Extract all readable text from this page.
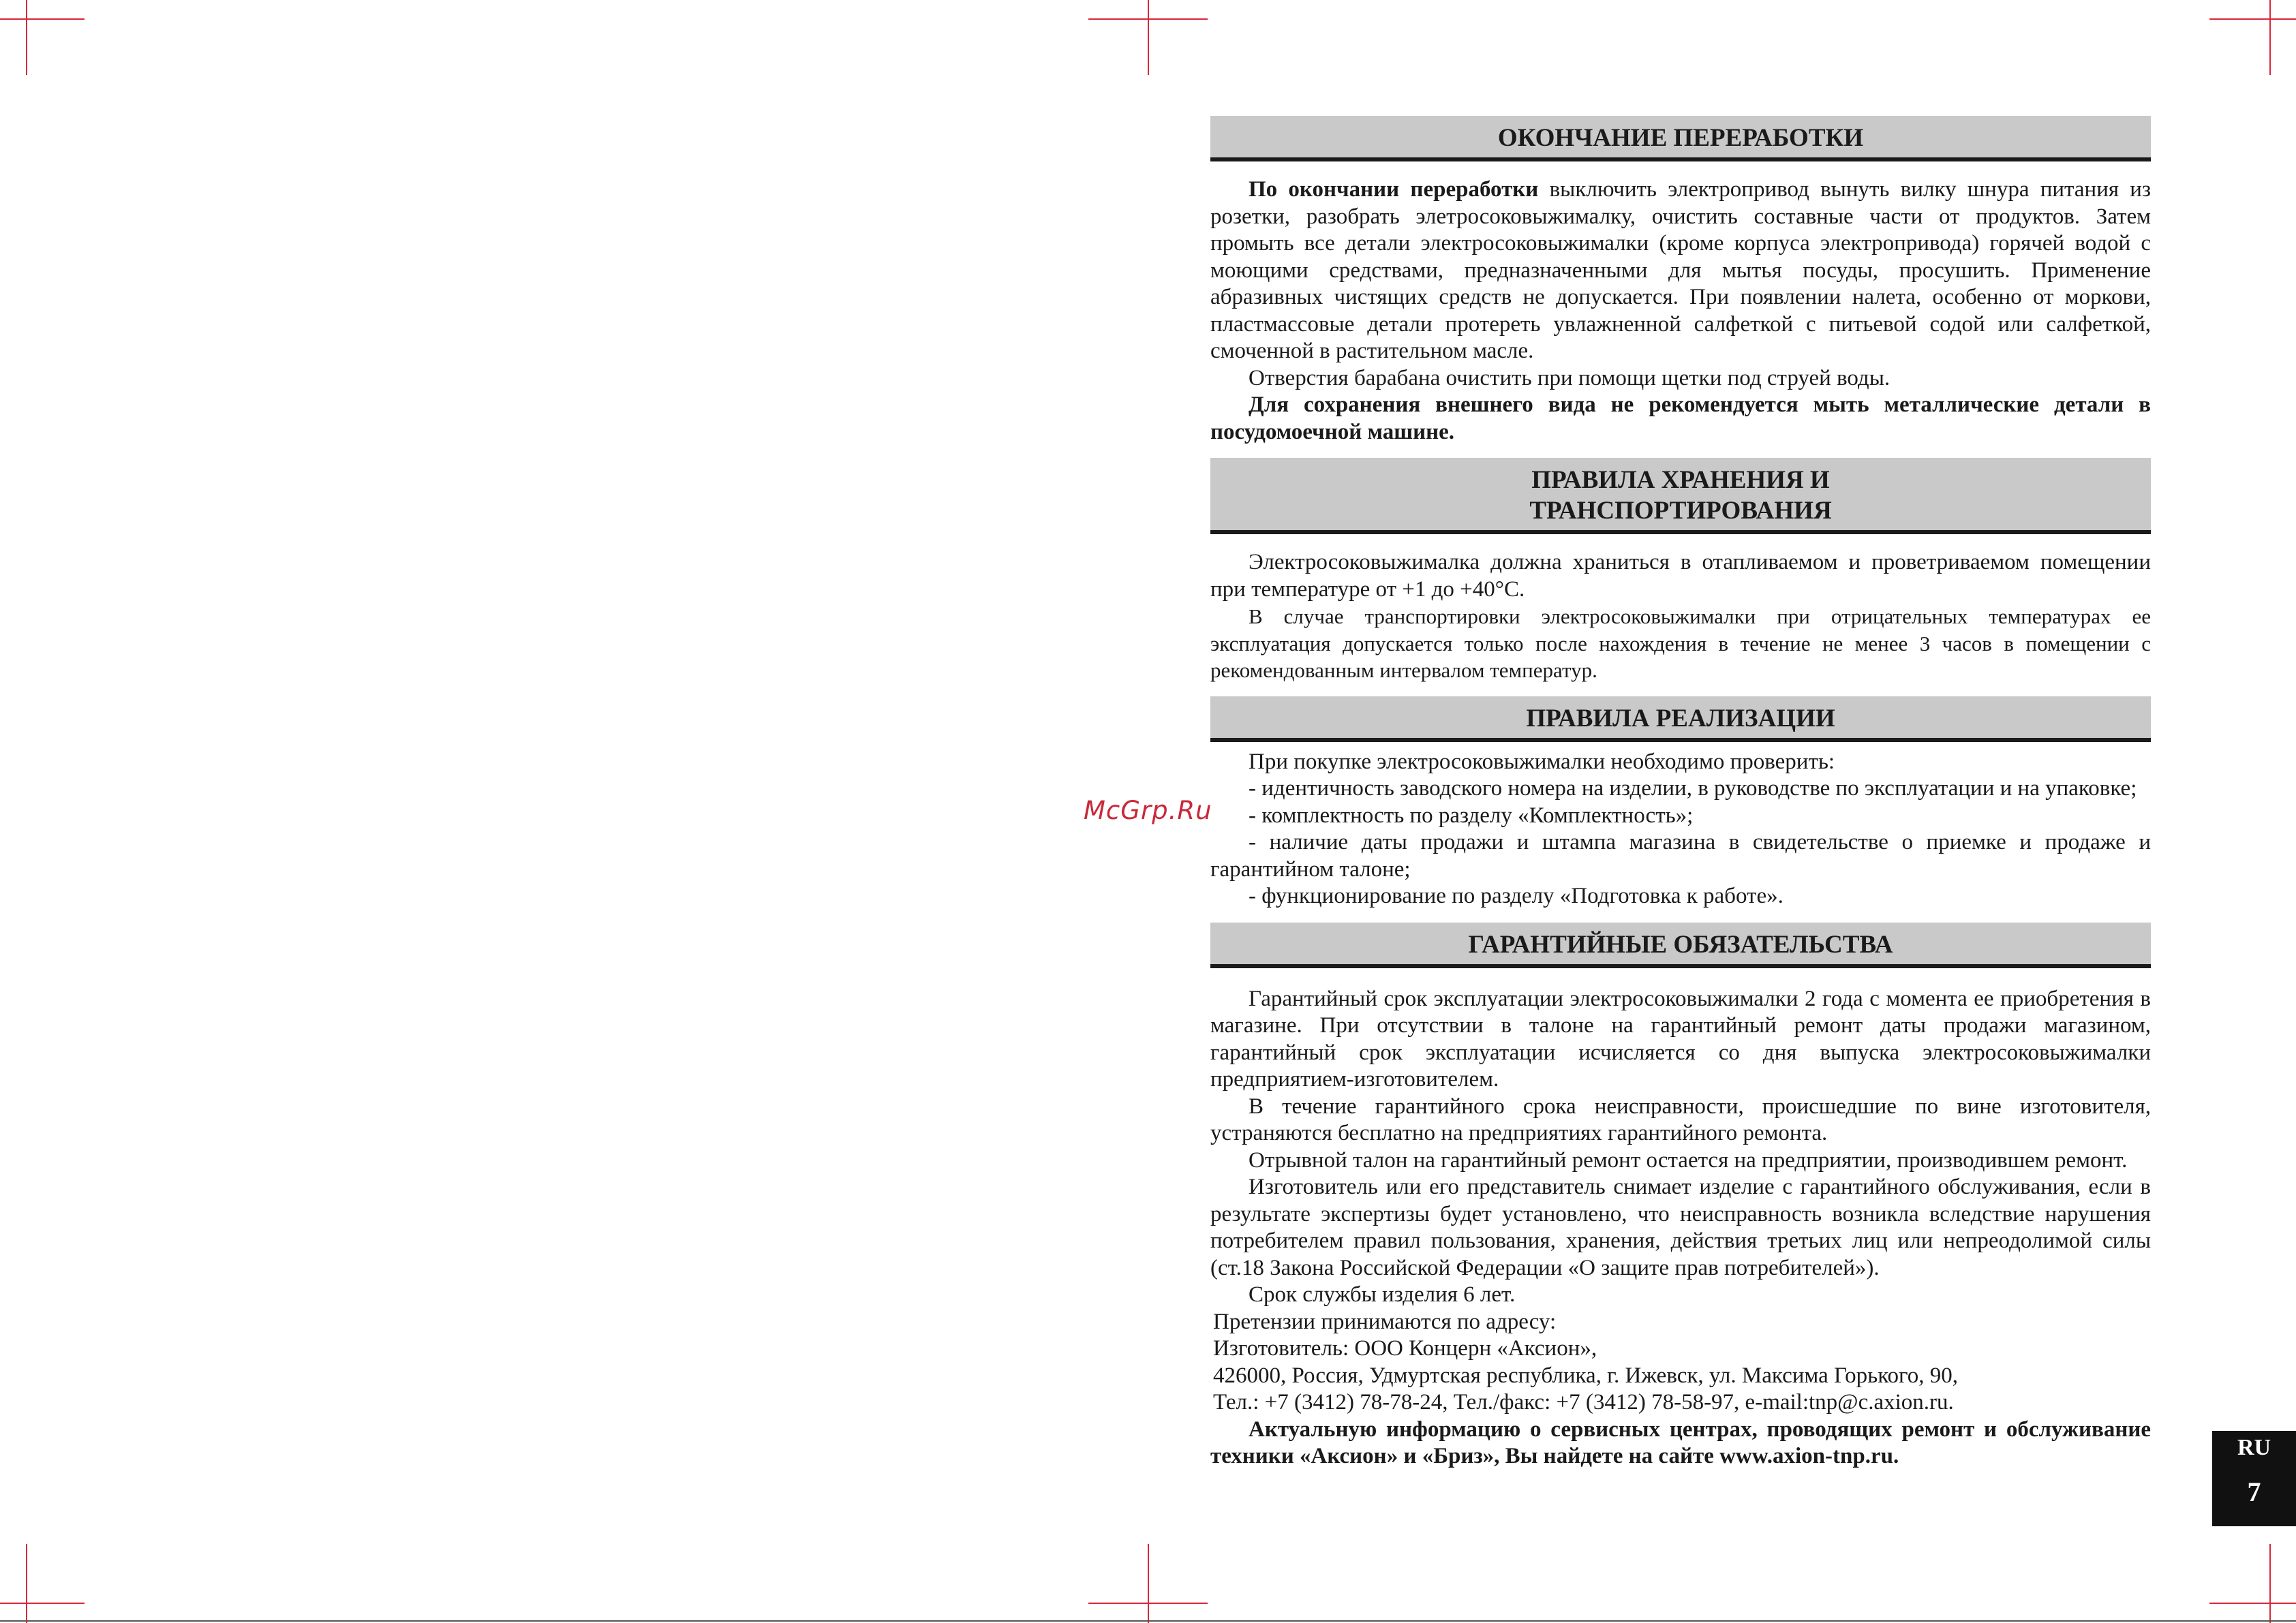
McGrp.Ru
ОКОНЧАНИЕ ПЕРЕРАБОТКИ

По окончании переработки выключить электропривод вынуть вилку шнура питания из розетки, разобрать элетросоковыжималку, очистить составные части от продуктов. Затем промыть все детали электросоковыжималки (кроме корпуса электропривода) горячей водой с моющими средствами, предназначенными для мытья посуды, просушить. Применение абразивных чистящих средств не допускается. При появлении налета, особенно от моркови, пластмассовые детали протереть увлажненной салфеткой с питьевой содой или салфеткой, смоченной в растительном масле.

Отверстия барабана очистить при помощи щетки под струей воды.

Для сохранения внешнего вида не рекомендуется мыть металлические детали в посудомоечной машине.

ПРАВИЛА ХРАНЕНИЯ И
ТРАНСПОРТИРОВАНИЯ

Электросоковыжималка должна храниться в отапливаемом и проветриваемом помещении при температуре от +1 до +40°С.

В случае транспортировки электросоковыжималки при отрицательных температурах ее эксплуатация допускается только после нахождения в течение не менее 3 часов в помещении с рекомендованным интервалом температур.

ПРАВИЛА РЕАЛИЗАЦИИ

При покупке электросоковыжималки необходимо проверить:

- идентичность заводского номера на изделии, в руководстве по эксплуатации и на упаковке;

- комплектность по разделу «Комплектность»;

- наличие даты продажи и штампа магазина в свидетельстве о приемке и продаже и гарантийном талоне;

- функционирование по разделу «Подготовка к работе».

ГАРАНТИЙНЫЕ ОБЯЗАТЕЛЬСТВА

Гарантийный срок эксплуатации электросоковыжималки 2 года с момента ее приобретения в магазине. При отсутствии в талоне на гарантийный ремонт даты продажи магазином, гарантийный срок эксплуатации исчисляется со дня выпуска электросоковыжималки предприятием-изготовителем.

В течение гарантийного срока неисправности, происшедшие по вине изготовителя, устраняются бесплатно на предприятиях гарантийного ремонта.

Отрывной талон на гарантийный ремонт остается на предприятии, производившем ремонт.

Изготовитель или его представитель снимает изделие с гарантийного обслуживания, если в результате экспертизы будет установлено, что неисправность возникла вследствие нарушения потребителем правил пользования, хранения, действия третьих лиц или непреодолимой силы (ст.18 Закона Российской Федерации «О защите прав потребителей»).

Срок службы изделия 6 лет.

Претензии принимаются по адресу:

Изготовитель: ООО Концерн «Аксион»,

426000, Россия, Удмуртская республика, г. Ижевск, ул. Максима Горького, 90,

Тел.: +7 (3412) 78-78-24, Тел./факс: +7 (3412) 78-58-97, e-mail:tnp@c.axion.ru.

Актуальную информацию о сервисных центрах, проводящих ремонт и обслуживание техники «Аксион» и «Бриз», Вы найдете на сайте www.axion-tnp.ru.	RU
7
